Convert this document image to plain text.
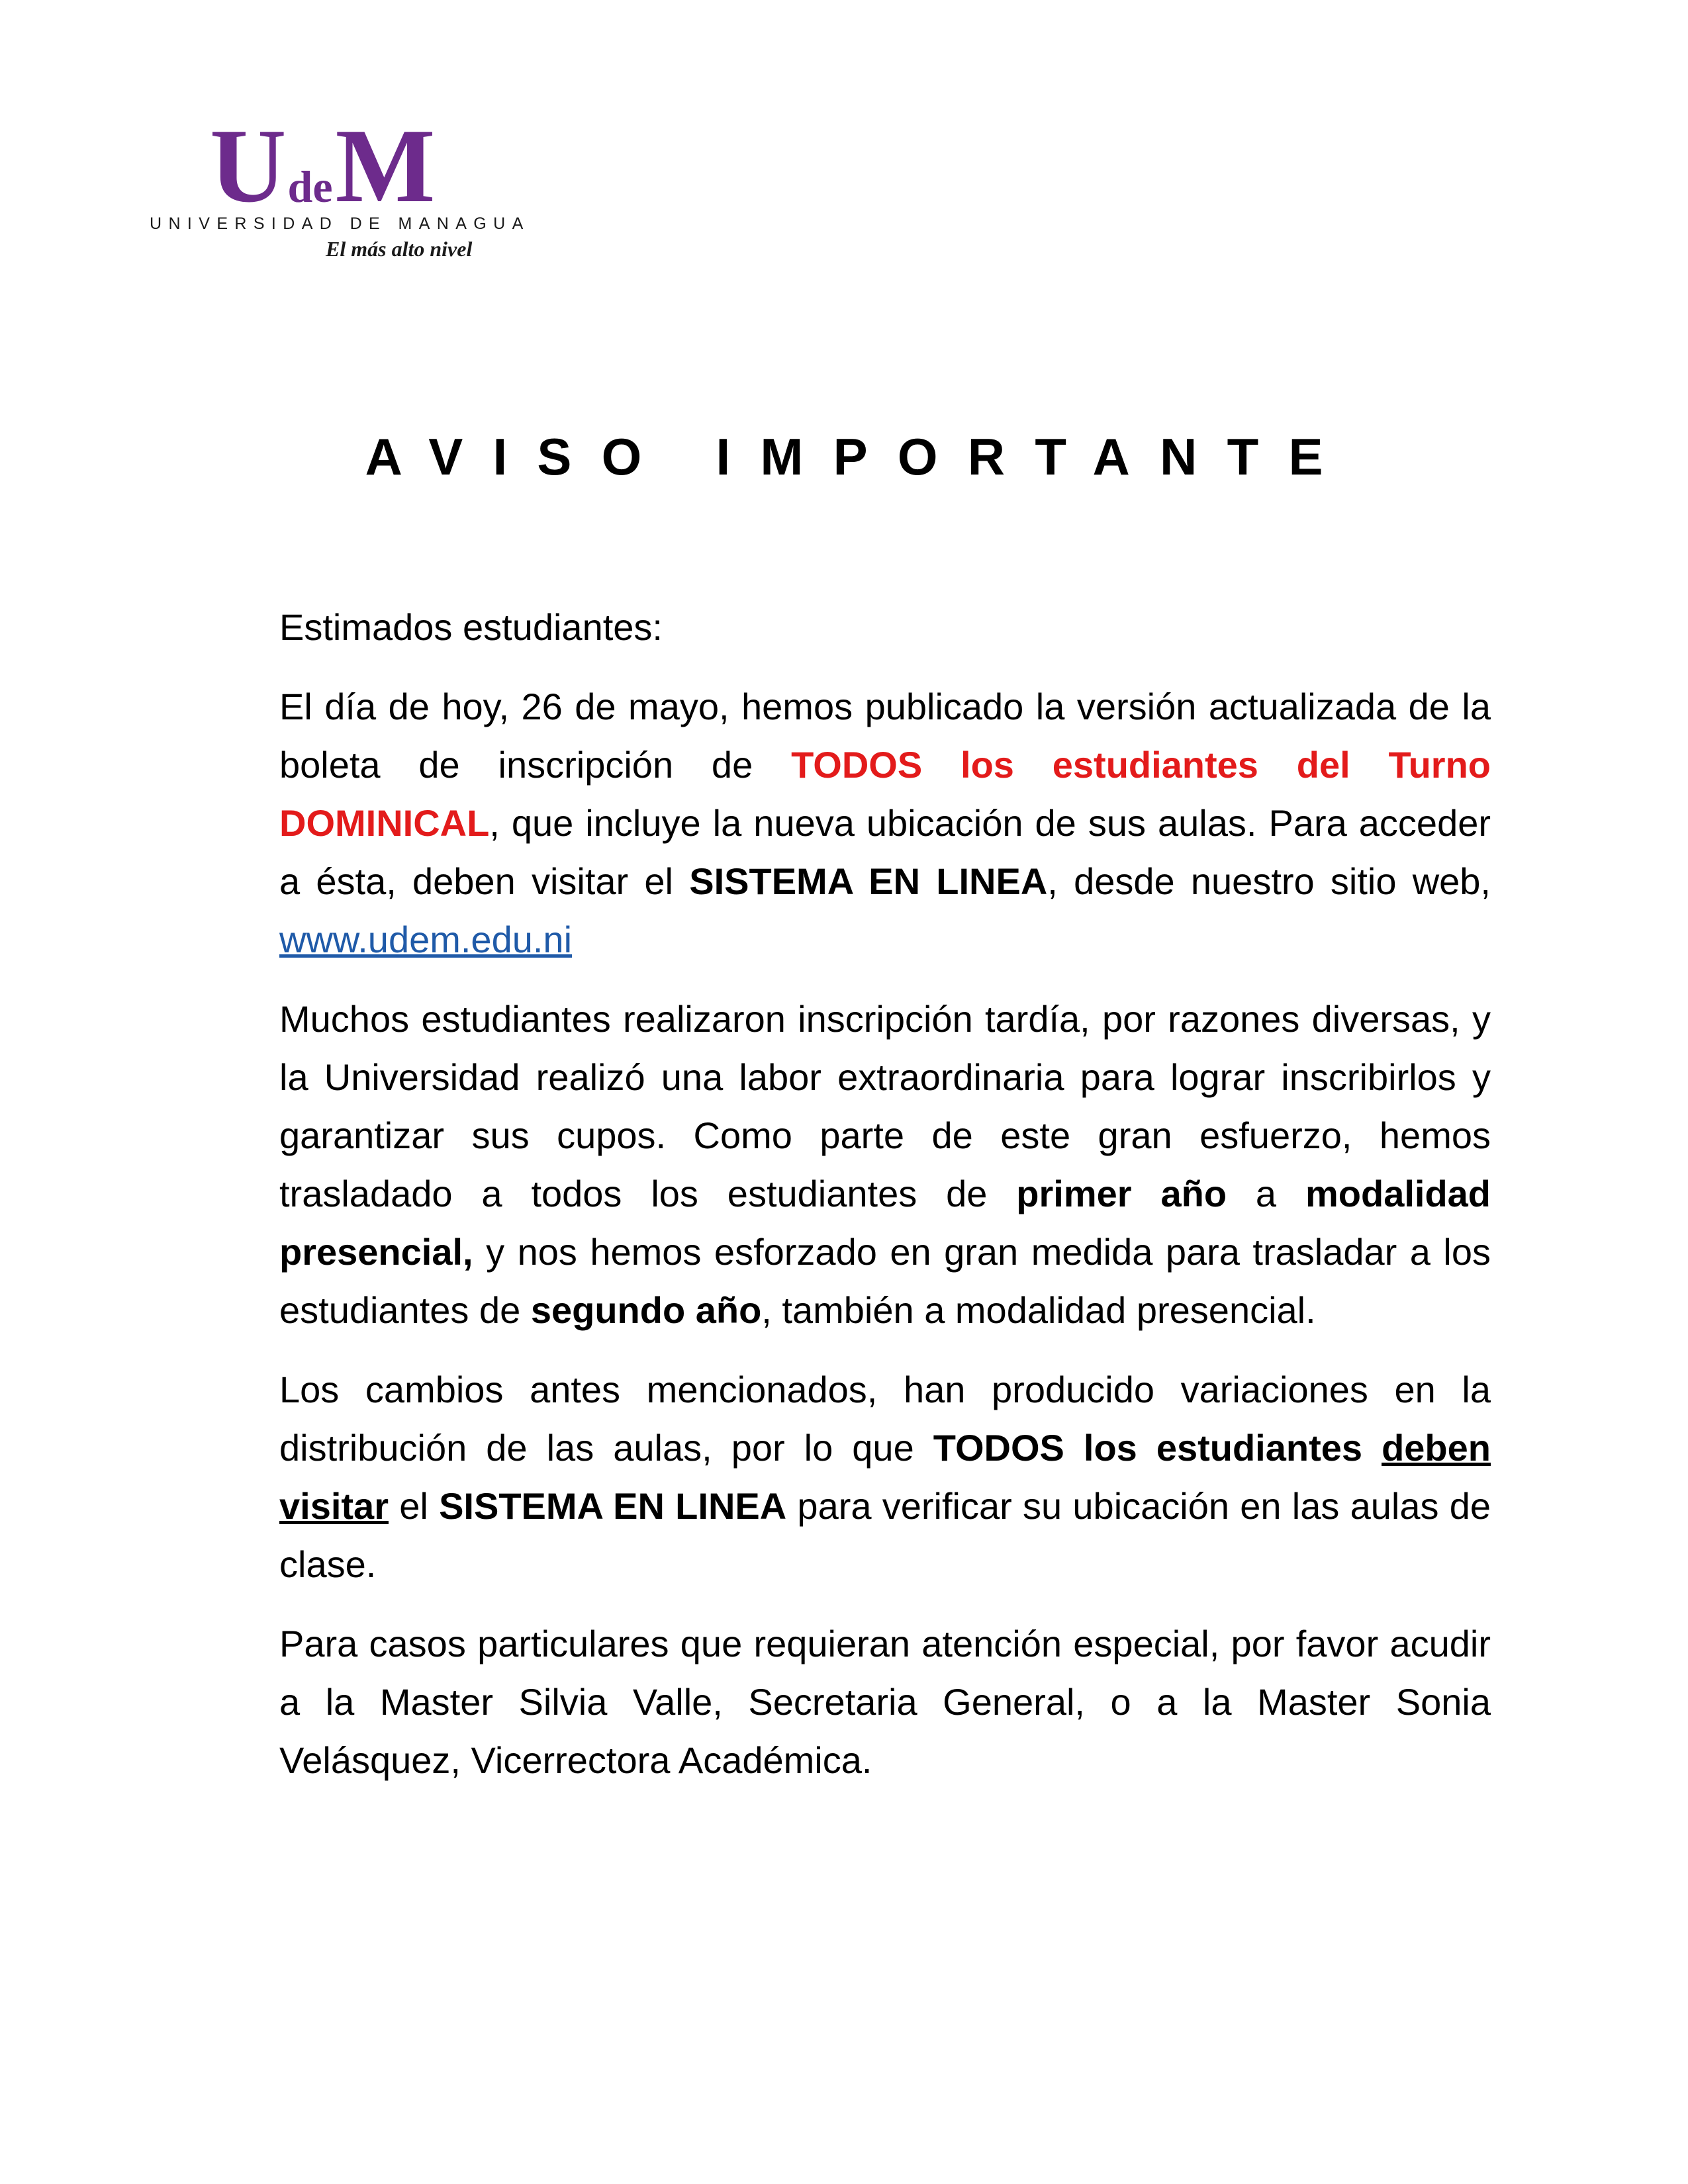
UdeM
UNIVERSIDAD DE MANAGUA
El más alto nivel
AVISO IMPORTANTE

Estimados estudiantes:

El día de hoy, 26 de mayo, hemos publicado la versión actualizada de la boleta de inscripción de TODOS los estudiantes del Turno DOMINICAL, que incluye la nueva ubicación de sus aulas. Para acceder a ésta, deben visitar el SISTEMA EN LINEA, desde nuestro sitio web, www.udem.edu.ni

Muchos estudiantes realizaron inscripción tardía, por razones diversas, y la Universidad realizó una labor extraordinaria para lograr inscribirlos y garantizar sus cupos. Como parte de este gran esfuerzo, hemos trasladado a todos los estudiantes de primer año a modalidad presencial, y nos hemos esforzado en gran medida para trasladar a los estudiantes de segundo año, también a modalidad presencial.

Los cambios antes mencionados, han producido variaciones en la distribución de las aulas, por lo que TODOS los estudiantes deben visitar el SISTEMA EN LINEA para verificar su ubicación en las aulas de clase.

Para casos particulares que requieran atención especial, por favor acudir a la Master Silvia Valle, Secretaria General, o a la Master Sonia Velásquez, Vicerrectora Académica.
